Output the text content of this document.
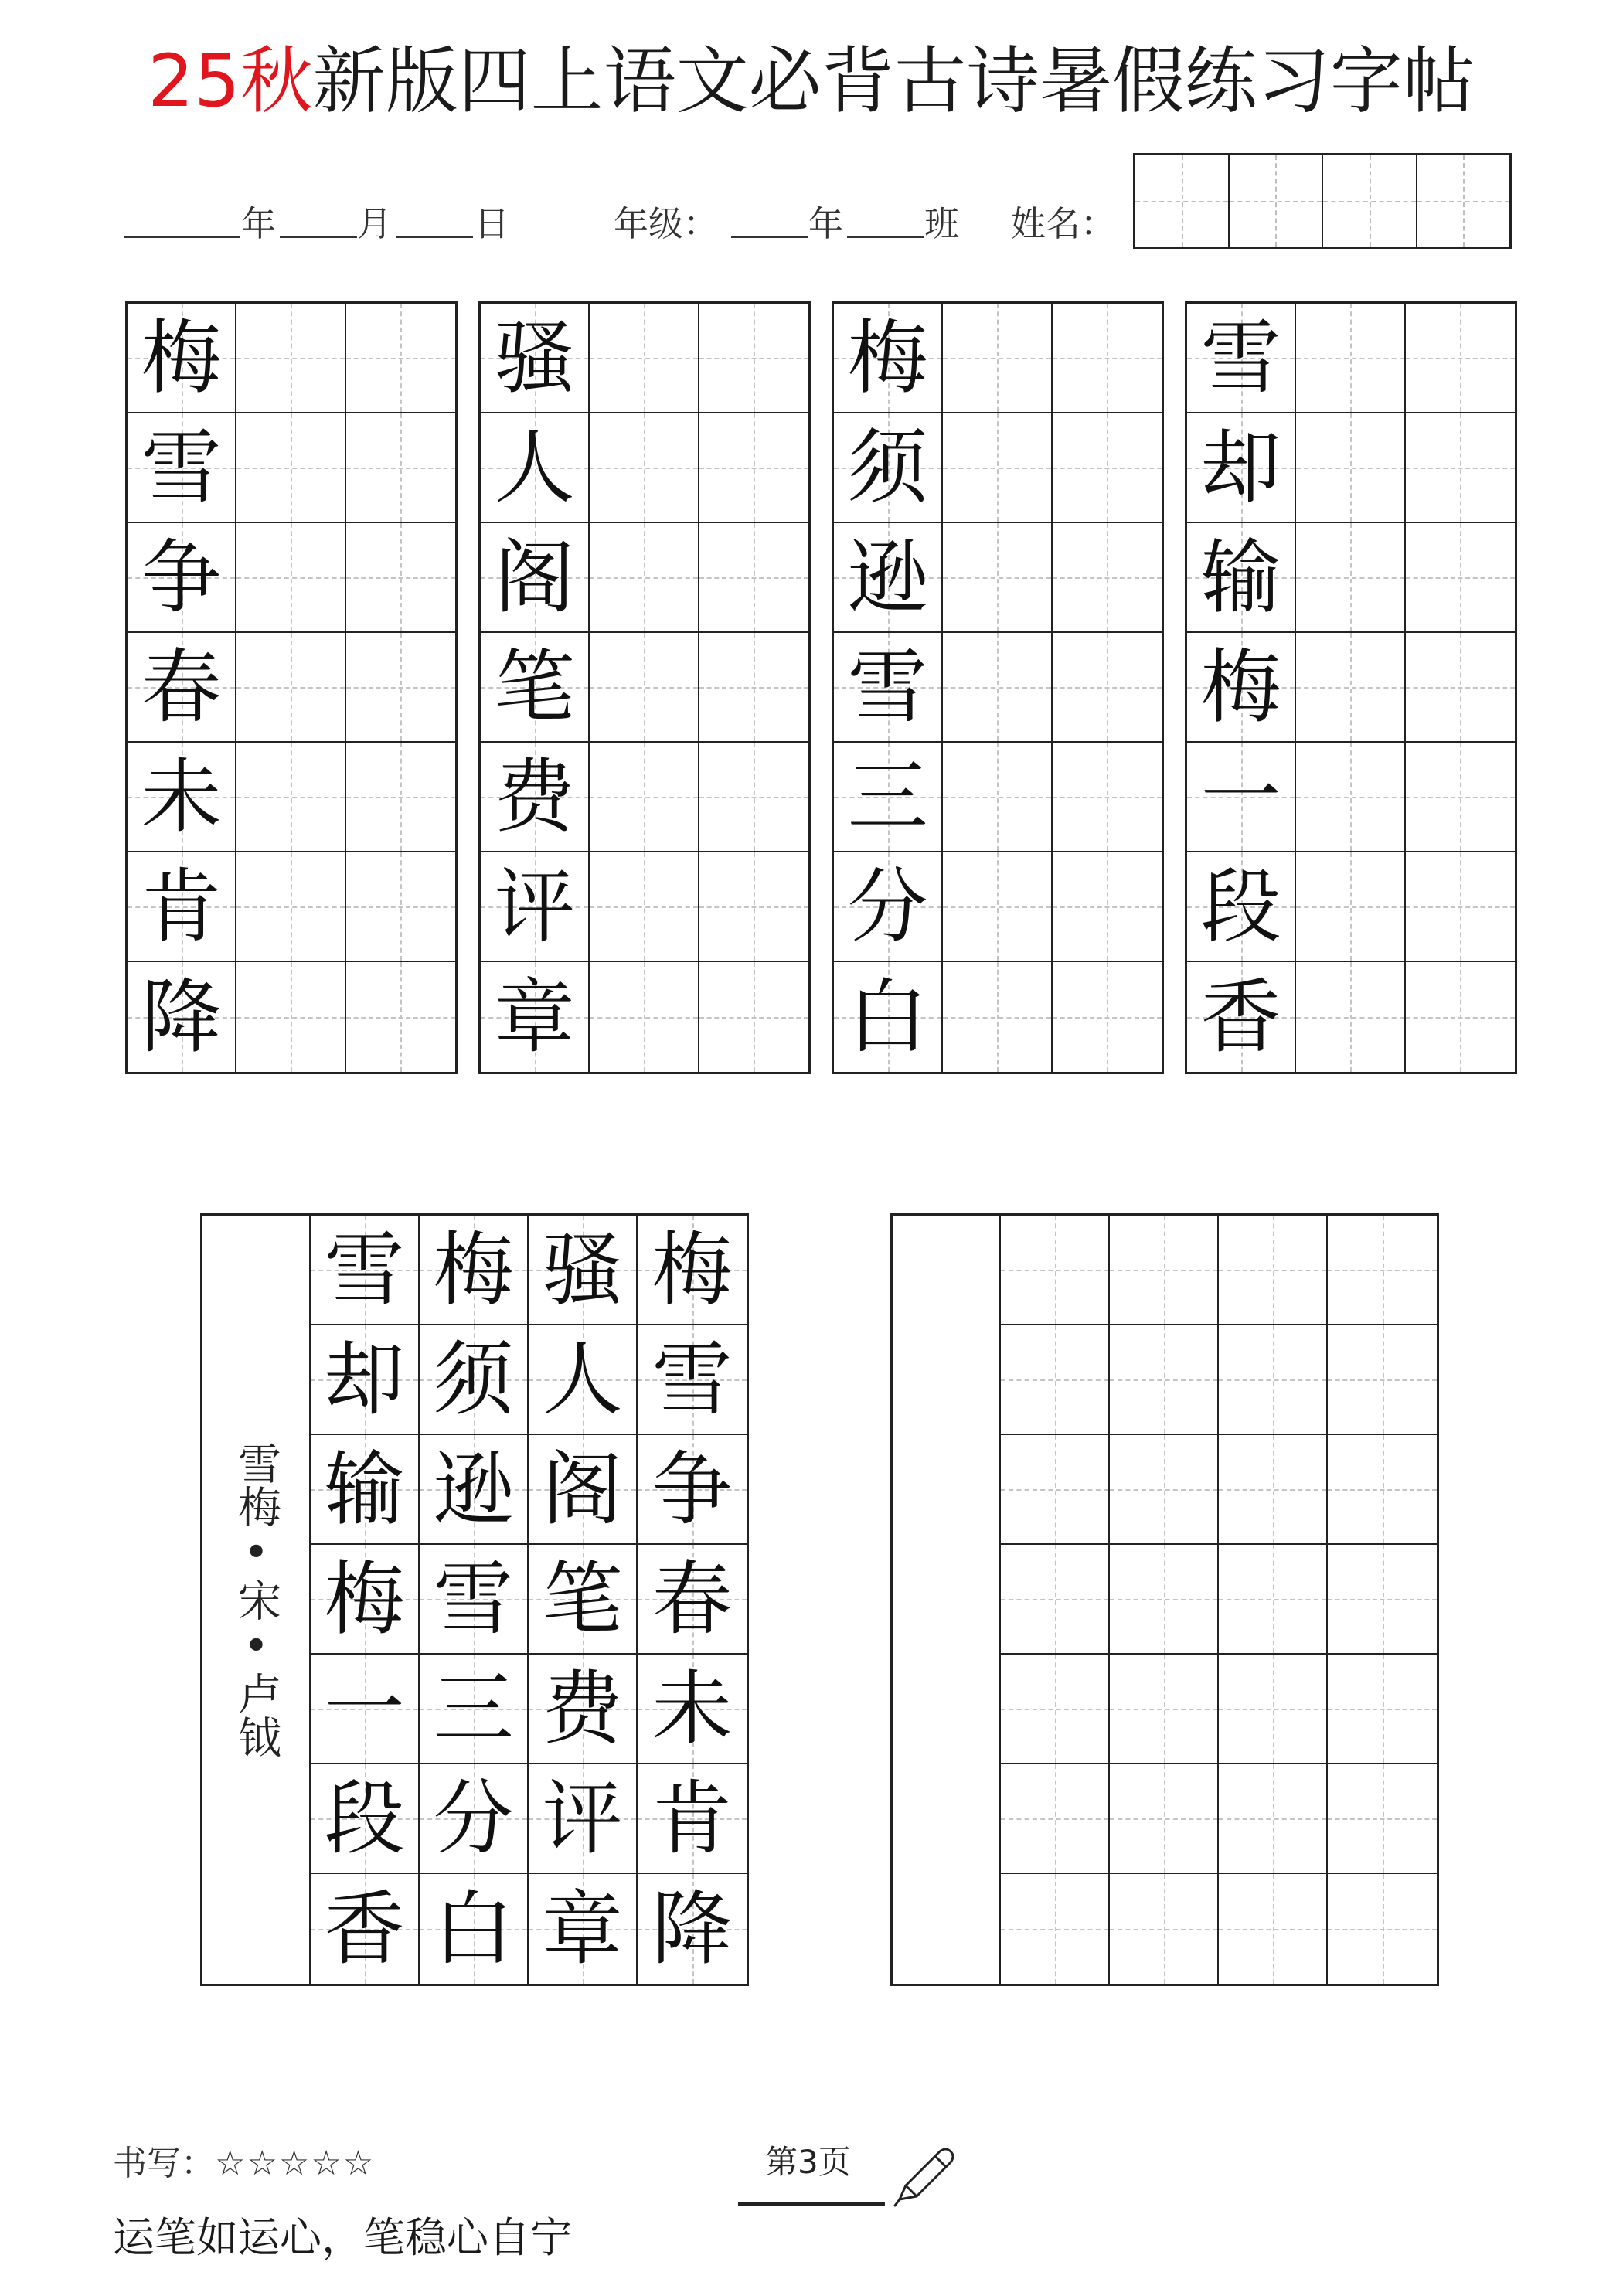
25秋新版四上语文必背古诗暑假练习字帖
年 月 日	年级：	年 班 姓名：
梅
雪
争
春
未
肯
降
骚
人
阁
笔
费
评
章
梅
须
逊
雪
三
分
白
雪
却
输
梅
一
段
香
雪梅•宋•卢钺
雪 梅 骚 梅
却 须 人 雪
输 逊 阁 争
梅 雪 笔 春
一 三 费 未
段 分 评 肯
香 白 章 降
书写：☆☆☆☆☆	第3页
运笔如运心，笔稳心自宁
